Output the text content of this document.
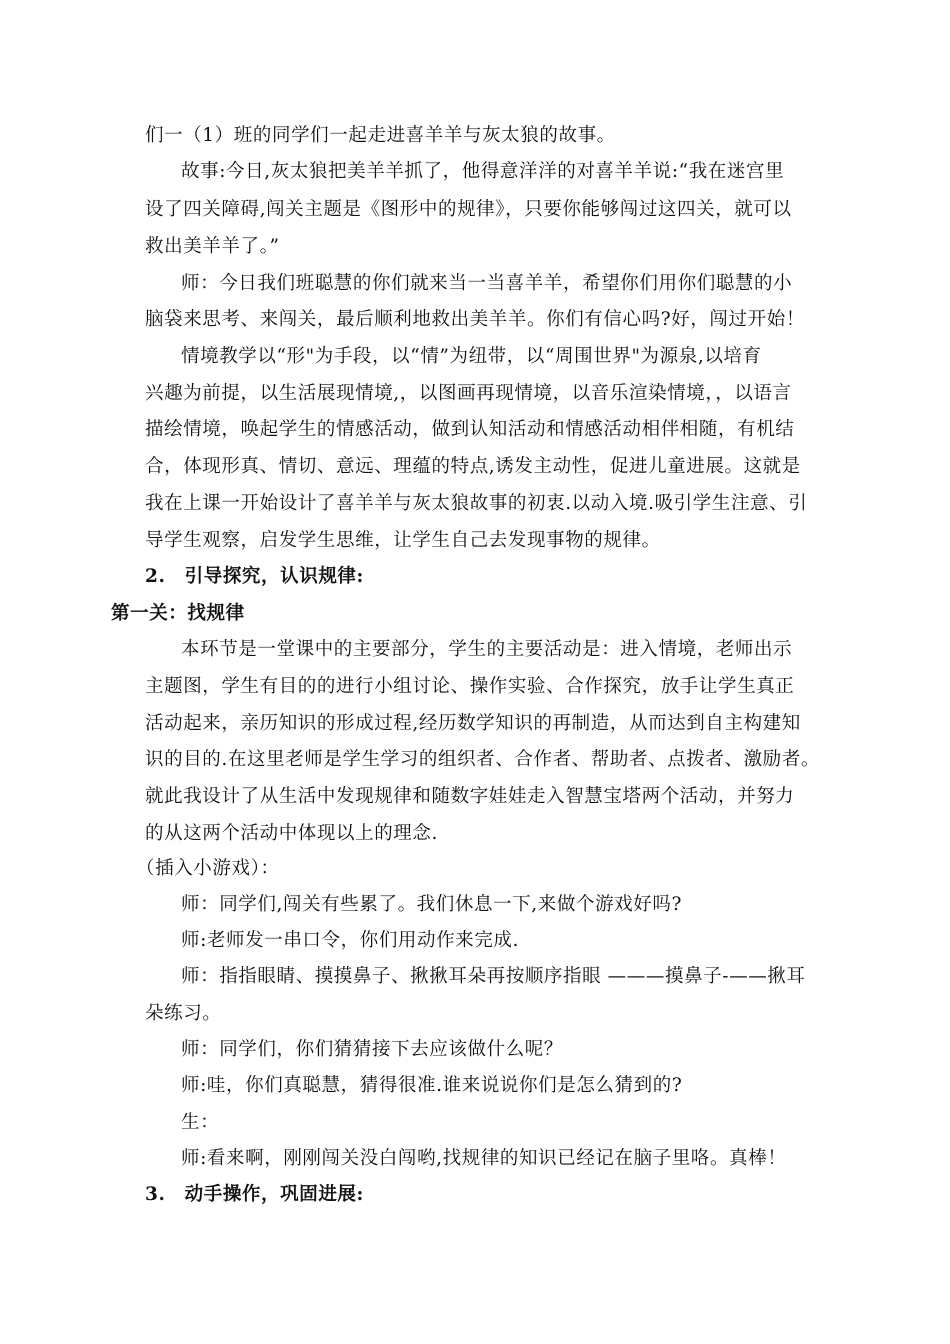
们一（1）班的同学们一起走进喜羊羊与灰太狼的故事。
故事:今日,灰太狼把美羊羊抓了，他得意洋洋的对喜羊羊说:“我在迷宫里
设了四关障碍,闯关主题是《图形中的规律》，只要你能够闯过这四关，就可以
救出美羊羊了。”
师：今日我们班聪慧的你们就来当一当喜羊羊，希望你们用你们聪慧的小
脑袋来思考、来闯关，最后顺利地救出美羊羊。你们有信心吗?好，闯过开始！
情境教学以“形"为手段，以“情”为纽带，以“周围世界"为源泉,以培育
兴趣为前提，以生活展现情境,，以图画再现情境，以音乐渲染情境，，以语言
描绘情境，唤起学生的情感活动，做到认知活动和情感活动相伴相随，有机结
合，体现形真、情切、意远、理蕴的特点,诱发主动性，促进儿童进展。这就是
我在上课一开始设计了喜羊羊与灰太狼故事的初衷.以动入境.吸引学生注意、引
导学生观察，启发学生思维，让学生自己去发现事物的规律。
2. 引导探究，认识规律:
第一关：找规律
本环节是一堂课中的主要部分，学生的主要活动是：进入情境，老师出示
主题图，学生有目的的进行小组讨论、操作实验、合作探究，放手让学生真正
活动起来，亲历知识的形成过程,经历数学知识的再制造，从而达到自主构建知
识的目的.在这里老师是学生学习的组织者、合作者、帮助者、点拨者、激励者。
就此我设计了从生活中发现规律和随数字娃娃走入智慧宝塔两个活动，并努力
的从这两个活动中体现以上的理念.
（插入小游戏）：
师：同学们,闯关有些累了。我们休息一下,来做个游戏好吗?
师:老师发一串口令，你们用动作来完成.
师：指指眼睛、摸摸鼻子、揪揪耳朵再按顺序指眼 ———摸鼻子-——揪耳
朵练习。
师：同学们，你们猜猜接下去应该做什么呢？
师:哇，你们真聪慧，猜得很准.谁来说说你们是怎么猜到的?
生：
师:看来啊，刚刚闯关没白闯哟,找规律的知识已经记在脑子里咯。真棒！
3. 动手操作，巩固进展:
